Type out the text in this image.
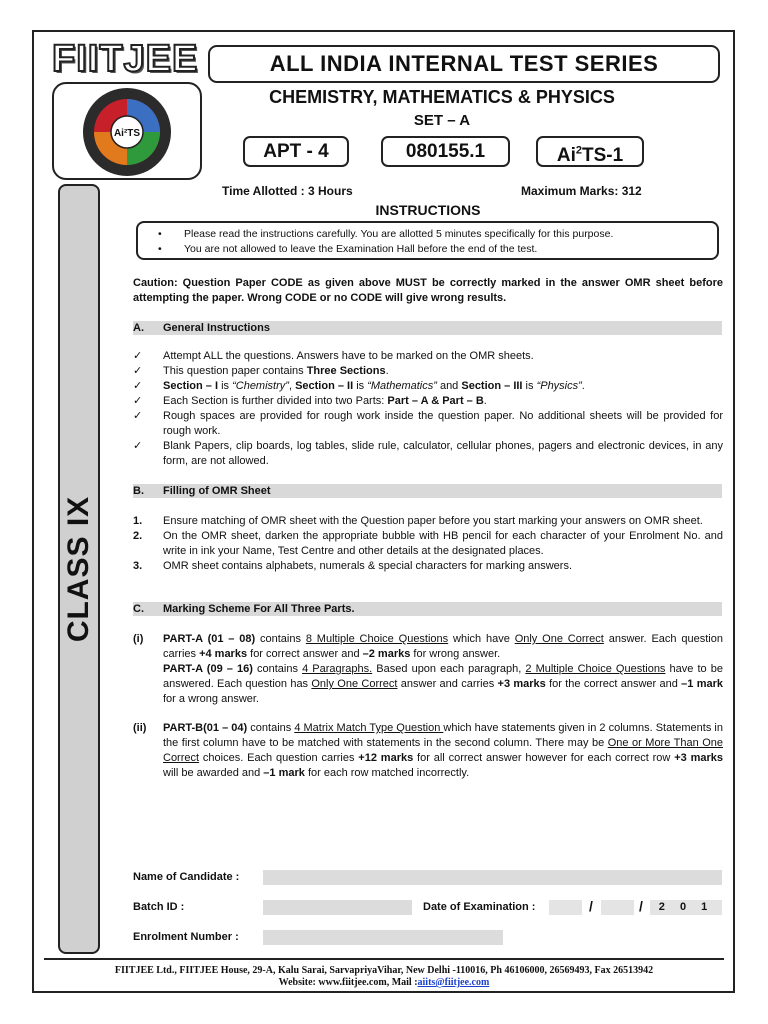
FIITJEE
Ai²TS
ALL INDIA INTERNAL TEST SERIES
CHEMISTRY, MATHEMATICS & PHYSICS
SET – A
APT - 4	080155.1	Ai$^2$TS-1
CLASS IX
Time Allotted : 3 Hours	Maximum Marks: 312
INSTRUCTIONS
•	Please read the instructions carefully. You are allotted 5 minutes specifically for this purpose.
•	You are not allowed to leave the Examination Hall before the end of the test.
Caution: Question Paper CODE as given above MUST be correctly marked in the answer OMR sheet before attempting the paper. Wrong CODE or no CODE will give wrong results.
A. General Instructions
✓	Attempt ALL the questions. Answers have to be marked on the OMR sheets.
✓	This question paper contains Three Sections.
✓	Section – I is “Chemistry”, Section – II is “Mathematics” and Section – III is “Physics”.
✓	Each Section is further divided into two Parts: Part – A & Part – B.
✓	Rough spaces are provided for rough work inside the question paper. No additional sheets will be provided for rough work.
✓	Blank Papers, clip boards, log tables, slide rule, calculator, cellular phones, pagers and electronic devices, in any form, are not allowed.
B. Filling of OMR Sheet
1.	Ensure matching of OMR sheet with the Question paper before you start marking your answers on OMR sheet.
2.	On the OMR sheet, darken the appropriate bubble with HB pencil for each character of your Enrolment No. and write in ink your Name, Test Centre and other details at the designated places.
3.	OMR sheet contains alphabets, numerals & special characters for marking answers.
C. Marking Scheme For All Three Parts.
(i)	PART-A (01 – 08) contains 8 Multiple Choice Questions which have Only One Correct answer. Each question carries +4 marks for correct answer and –2 marks for wrong answer.
PART-A (09 – 16) contains 4 Paragraphs. Based upon each paragraph, 2 Multiple Choice Questions have to be answered. Each question has Only One Correct answer and carries +3 marks for the correct answer and –1 mark for a wrong answer.
(ii)	PART-B(01 – 04) contains 4 Matrix Match Type Question which have statements given in 2 columns. Statements in the first column have to be matched with statements in the second column. There may be One or More Than One Correct choices. Each question carries +12 marks for all correct answer however for each correct row +3 marks will be awarded and –1 mark for each row matched incorrectly.
Name of Candidate :
Batch ID :	Date of Examination :	/	/	2 0 1
Enrolment Number :
FIITJEE Ltd., FIITJEE House, 29-A, Kalu Sarai, SarvapriyaVihar, New Delhi -110016, Ph 46106000, 26569493, Fax 26513942
Website: www.fiitjee.com, Mail :aiits@fiitjee.com
